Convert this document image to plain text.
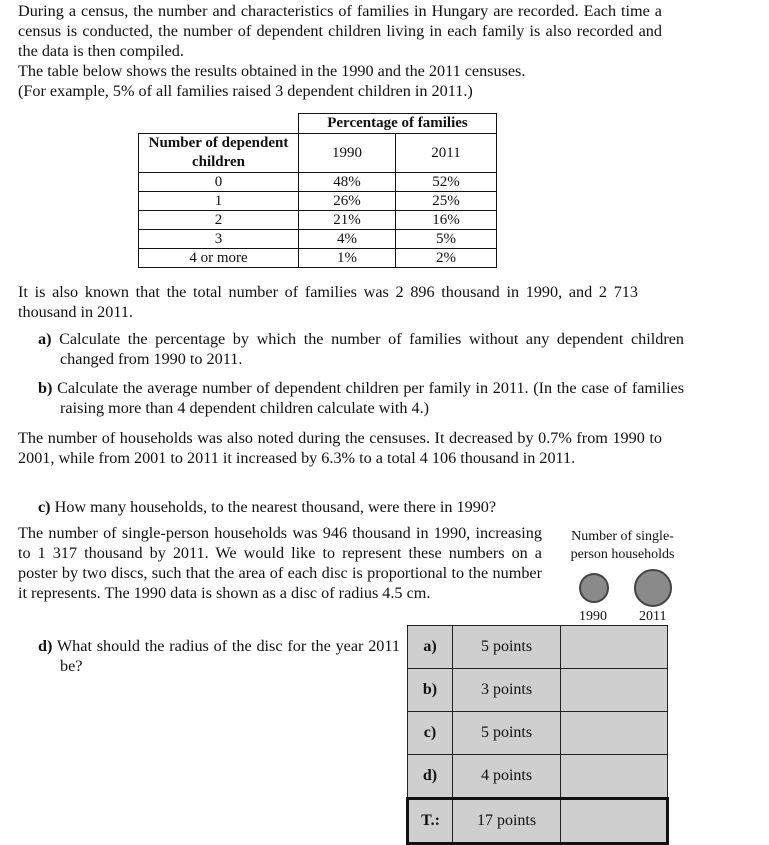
During a census, the number and characteristics of families in Hungary are recorded. Each time a census is conducted, the number of dependent children living in each family is also recorded and the data is then compiled.
The table below shows the results obtained in the 1990 and the 2011 censuses.
(For example, 5% of all families raised 3 dependent children in 2011.)
	Percentage of families	
Number of dependent children	1990	2011
0	48%	52%
1	26%	25%
2	21%	16%
3	4%	5%
4 or more	1%	2%

It is also known that the total number of families was 2 896 thousand in 1990, and 2 713 thousand in 2011.

a) Calculate the percentage by which the number of families without any dependent children changed from 1990 to 2011.

b) Calculate the average number of dependent children per family in 2011. (In the case of families raising more than 4 dependent children calculate with 4.)

The number of households was also noted during the censuses. It decreased by 0.7% from 1990 to 2001, while from 2001 to 2011 it increased by 6.3% to a total 4 106 thousand in 2011.

c) How many households, to the nearest thousand, were there in 1990?

The number of single-person households was 946 thousand in 1990, increasing to 1 317 thousand by 2011. We would like to represent these numbers on a poster by two discs, such that the area of each disc is proportional to the number it represents. The 1990 data is shown as a disc of radius 4.5 cm.

d) What should the radius of the disc for the year 2011 be?

Number of single-person households
1990 2011
a)	5 points	
b)	3 points	
c)	5 points	
d)	4 points	
T.:	17 points	
